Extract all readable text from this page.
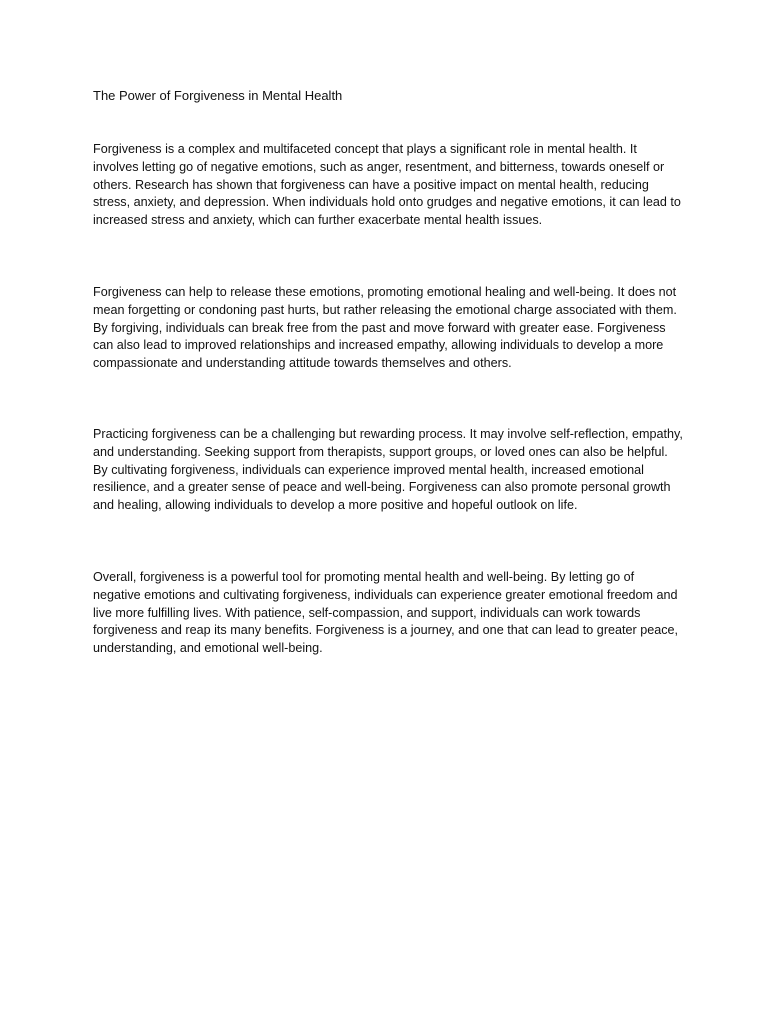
The Power of Forgiveness in Mental Health

Forgiveness is a complex and multifaceted concept that plays a significant role in mental health. It involves letting go of negative emotions, such as anger, resentment, and bitterness, towards oneself or others. Research has shown that forgiveness can have a positive impact on mental health, reducing stress, anxiety, and depression. When individuals hold onto grudges and negative emotions, it can lead to increased stress and anxiety, which can further exacerbate mental health issues.

Forgiveness can help to release these emotions, promoting emotional healing and well-being. It does not mean forgetting or condoning past hurts, but rather releasing the emotional charge associated with them. By forgiving, individuals can break free from the past and move forward with greater ease. Forgiveness can also lead to improved relationships and increased empathy, allowing individuals to develop a more compassionate and understanding attitude towards themselves and others.

Practicing forgiveness can be a challenging but rewarding process. It may involve self-reflection, empathy, and understanding. Seeking support from therapists, support groups, or loved ones can also be helpful. By cultivating forgiveness, individuals can experience improved mental health, increased emotional resilience, and a greater sense of peace and well-being. Forgiveness can also promote personal growth and healing, allowing individuals to develop a more positive and hopeful outlook on life.

Overall, forgiveness is a powerful tool for promoting mental health and well-being. By letting go of negative emotions and cultivating forgiveness, individuals can experience greater emotional freedom and live more fulfilling lives. With patience, self-compassion, and support, individuals can work towards forgiveness and reap its many benefits. Forgiveness is a journey, and one that can lead to greater peace, understanding, and emotional well-being.
